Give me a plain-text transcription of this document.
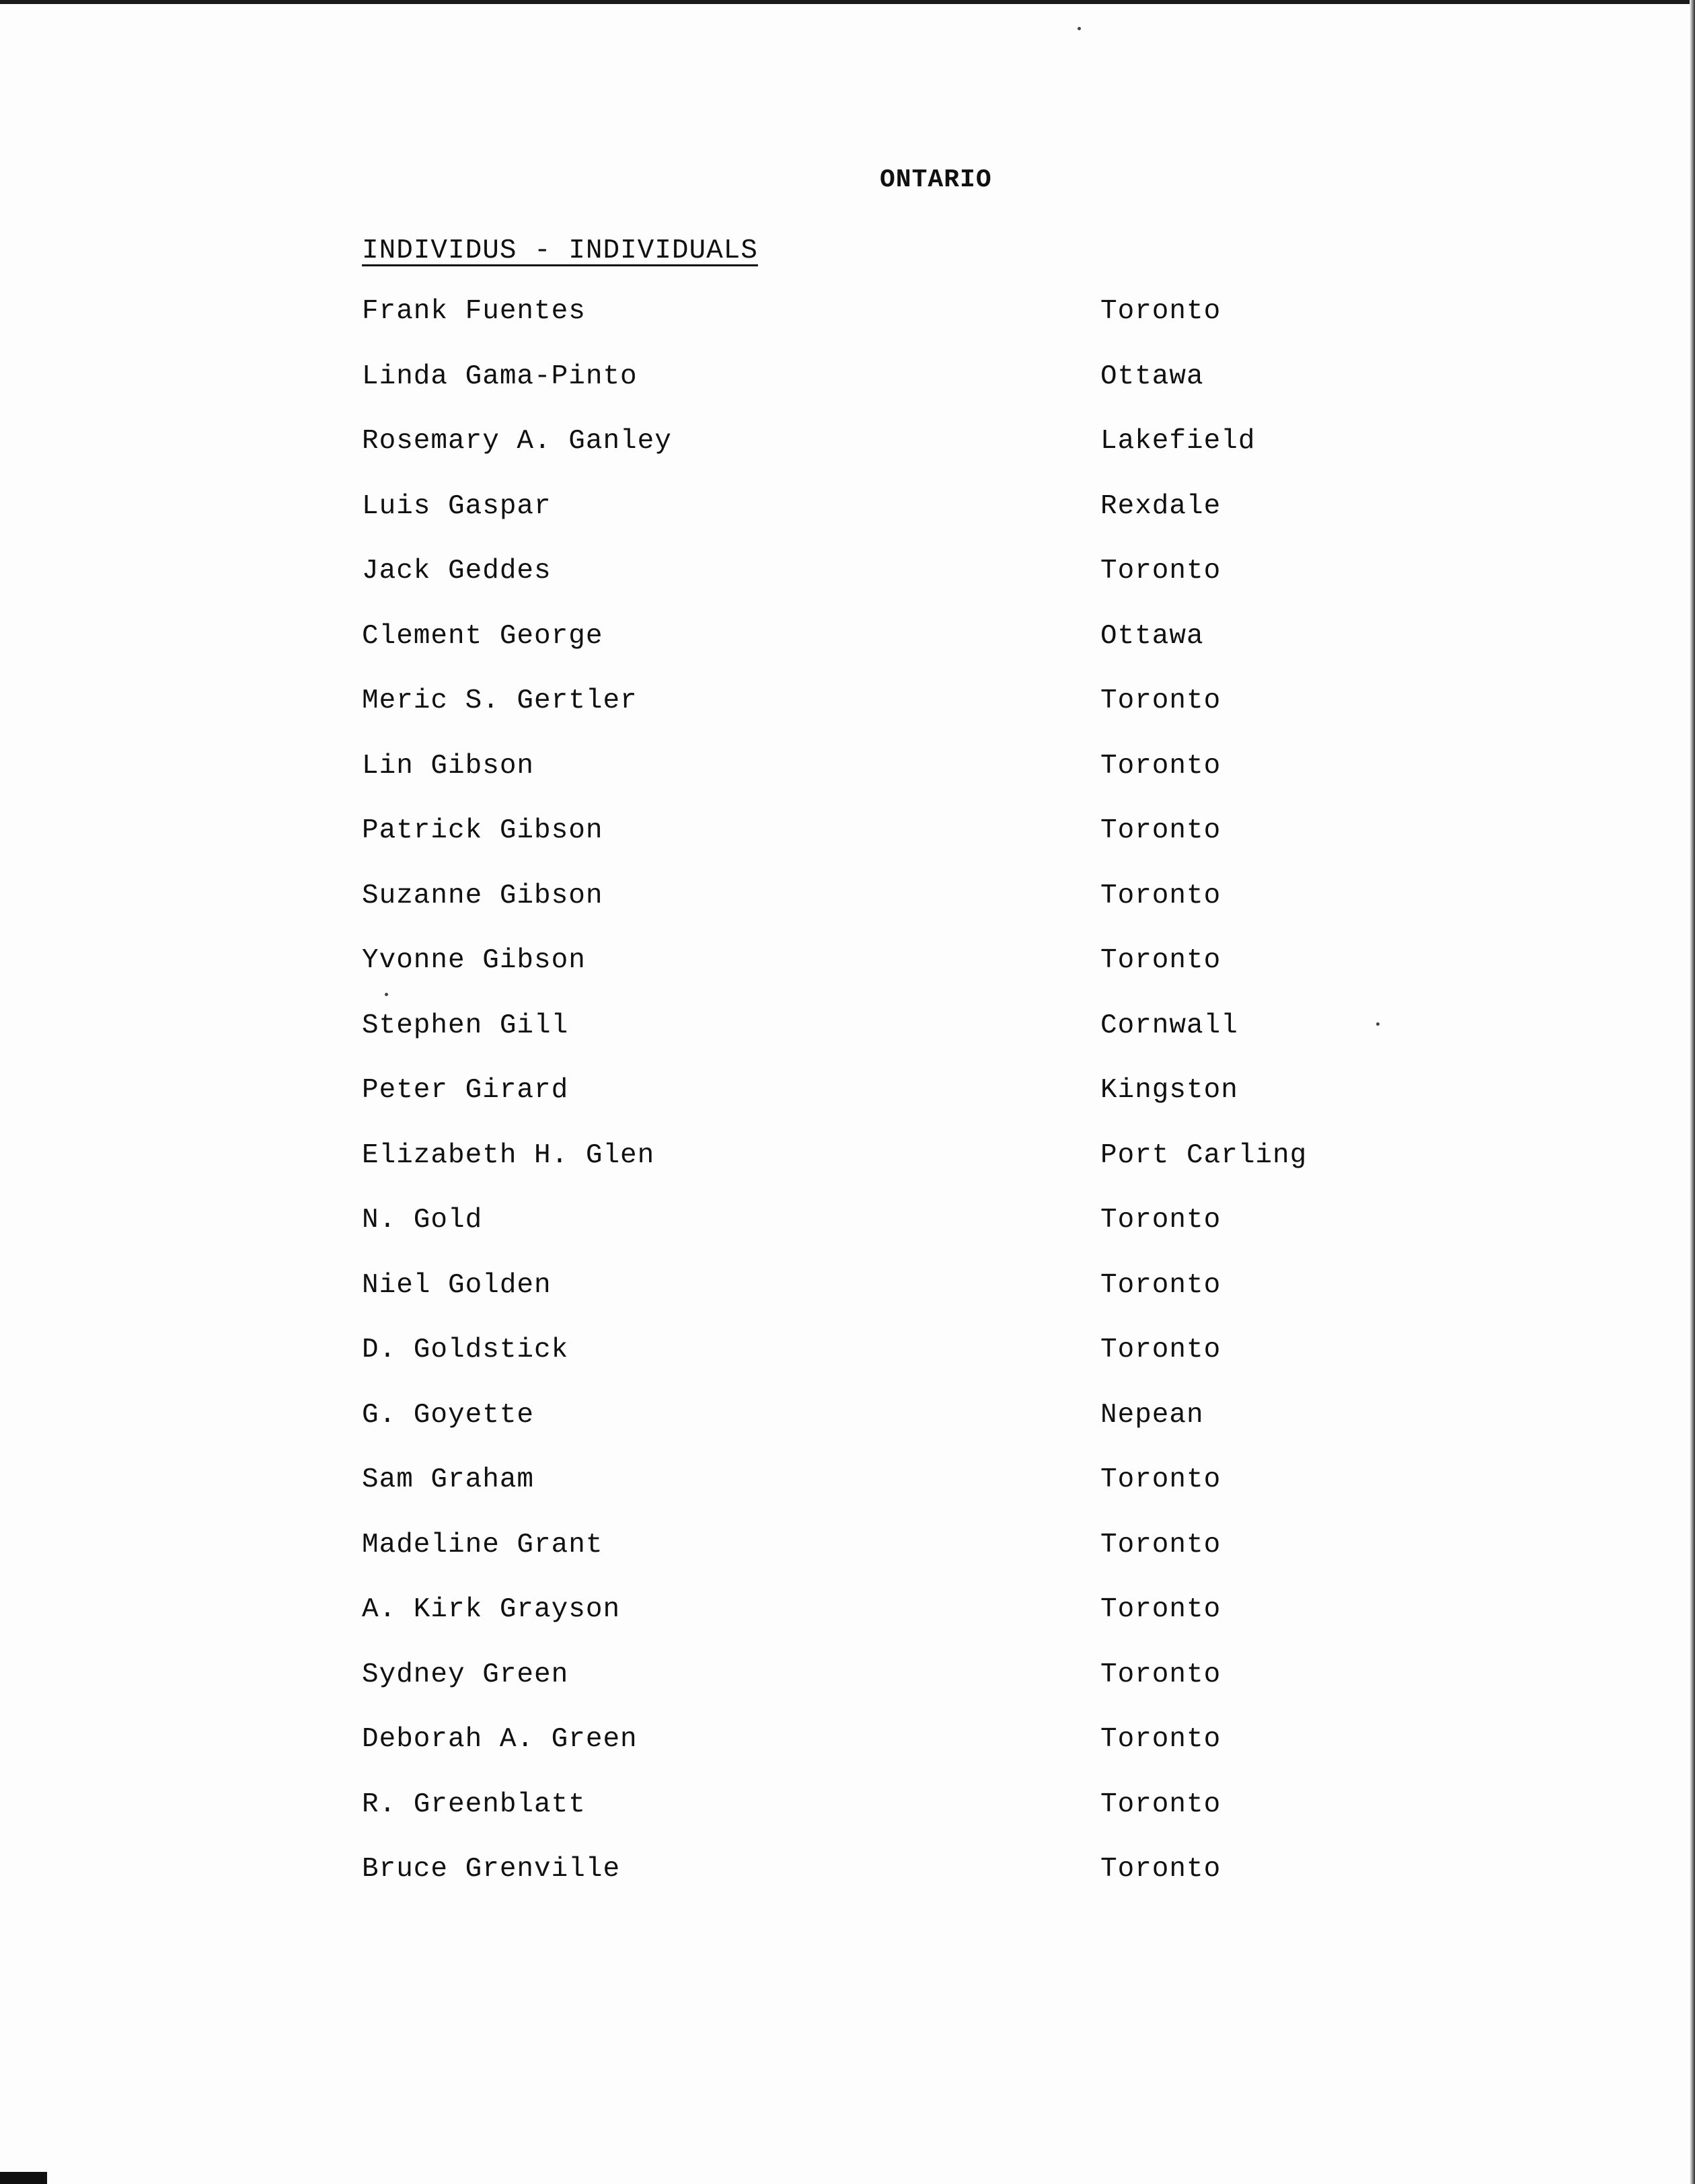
ONTARIO
INDIVIDUS - INDIVIDUALS
Frank Fuentes	Toronto
Linda Gama-Pinto	Ottawa
Rosemary A. Ganley	Lakefield
Luis Gaspar	Rexdale
Jack Geddes	Toronto
Clement George	Ottawa
Meric S. Gertler	Toronto
Lin Gibson	Toronto
Patrick Gibson	Toronto
Suzanne Gibson	Toronto
Yvonne Gibson	Toronto
Stephen Gill	Cornwall
Peter Girard	Kingston
Elizabeth H. Glen	Port Carling
N. Gold	Toronto
Niel Golden	Toronto
D. Goldstick	Toronto
G. Goyette	Nepean
Sam Graham	Toronto
Madeline Grant	Toronto
A. Kirk Grayson	Toronto
Sydney Green	Toronto
Deborah A. Green	Toronto
R. Greenblatt	Toronto
Bruce Grenville	Toronto
